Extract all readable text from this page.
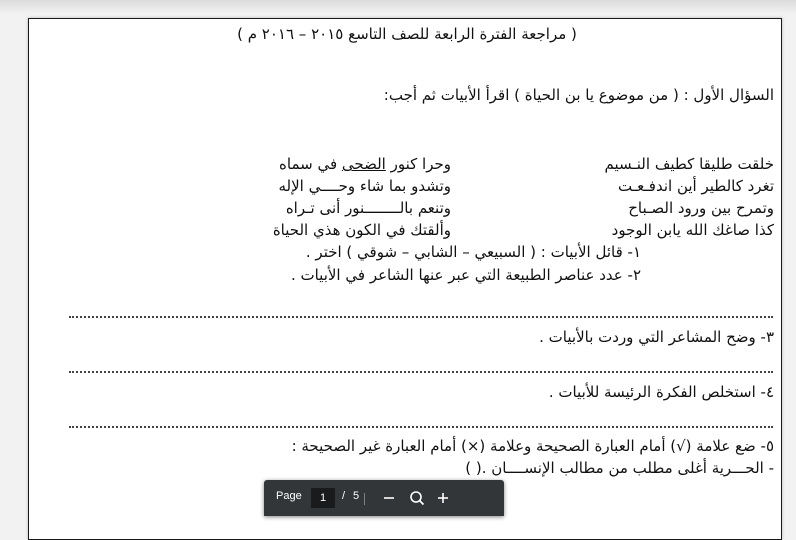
( مراجعة الفترة الرابعة للصف التاسع ٢٠١٥ – ٢٠١٦ م )
السؤال الأول : ( من موضوع يا بن الحياة ) اقرأ الأبيات ثم أجب:
خلقت طليقا كطيف النـسيم
تغرد كالطير أين اندفـعـت
وتمرح بين ورود الصـباح
كذا صاغك الله يابن الوجود
وحرا كنور الضحى في سماه
وتشدو بما شاء وحــــي الإله
وتنعم بالــــــــنور أنى تـراه
وألقتك في الكون هذي الحياة
١- قائل الأبيات : ( السبيعي – الشابي – شوقي ) اختر .
٢- عدد عناصر الطبيعة التي عبر عنها الشاعر في الأبيات .
٣- وضح المشاعر التي وردت بالأبيات .
٤- استخلص الفكرة الرئيسة للأبيات .
٥- ضع علامة (√) أمام العبارة الصحيحة وعلامة (×) أمام العبارة غير الصحيحة :
- الحـــرية أغلى مطلب من مطالب الإنســــان .( )
Page	1	/ 5
